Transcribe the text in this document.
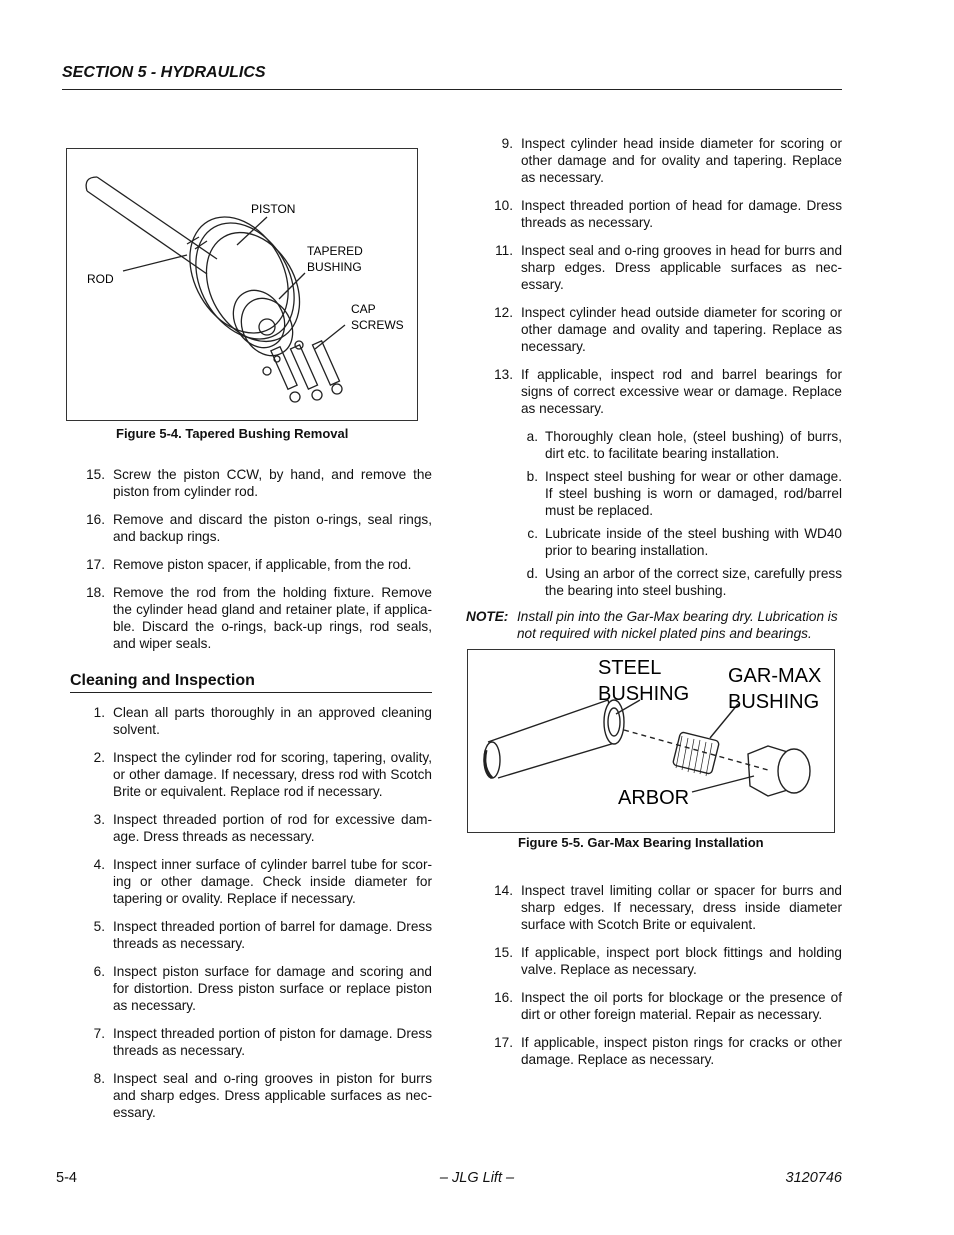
SECTION 5 - HYDRAULICS
PISTON
TAPERED
BUSHING
ROD
CAP
SCREWS
Figure 5-4. Tapered Bushing Removal
15. Screw the piston CCW, by hand, and remove the piston from cylinder rod.
16. Remove and discard the piston o-rings, seal rings, and backup rings.
17. Remove piston spacer, if applicable, from the rod.
18. Remove the rod from the holding fixture. Remove the cylinder head gland and retainer plate, if applica-ble. Discard the o-rings, back-up rings, rod seals, and wiper seals.
Cleaning and Inspection
1. Clean all parts thoroughly in an approved cleaning solvent.
2. Inspect the cylinder rod for scoring, tapering, ovality, or other damage. If necessary, dress rod with Scotch Brite or equivalent. Replace rod if necessary.
3. Inspect threaded portion of rod for excessive dam-age. Dress threads as necessary.
4. Inspect inner surface of cylinder barrel tube for scor-ing or other damage. Check inside diameter for tapering or ovality. Replace if necessary.
5. Inspect threaded portion of barrel for damage. Dress threads as necessary.
6. Inspect piston surface for damage and scoring and for distortion. Dress piston surface or replace piston as necessary.
7. Inspect threaded portion of piston for damage. Dress threads as necessary.
8. Inspect seal and o-ring grooves in piston for burrs and sharp edges. Dress applicable surfaces as nec-essary.
9. Inspect cylinder head inside diameter for scoring or other damage and for ovality and tapering. Replace as necessary.
10. Inspect threaded portion of head for damage. Dress threads as necessary.
11. Inspect seal and o-ring grooves in head for burrs and sharp edges. Dress applicable surfaces as nec-essary.
12. Inspect cylinder head outside diameter for scoring or other damage and ovality and tapering. Replace as necessary.
13. If applicable, inspect rod and barrel bearings for signs of correct excessive wear or damage. Replace as necessary.
a. Thoroughly clean hole, (steel bushing) of burrs, dirt etc. to facilitate bearing installation.
b. Inspect steel bushing for wear or other damage. If steel bushing is worn or damaged, rod/barrel must be replaced.
c. Lubricate inside of the steel bushing with WD40 prior to bearing installation.
d. Using an arbor of the correct size, carefully press the bearing into steel bushing.
NOTE: Install pin into the Gar-Max bearing dry. Lubrication is not required with nickel plated pins and bearings.
STEEL
BUSHING
GAR-MAX
BUSHING
ARBOR
Figure 5-5. Gar-Max Bearing Installation
14. Inspect travel limiting collar or spacer for burrs and sharp edges. If necessary, dress inside diameter surface with Scotch Brite or equivalent.
15. If applicable, inspect port block fittings and holding valve. Replace as necessary.
16. Inspect the oil ports for blockage or the presence of dirt or other foreign material. Repair as necessary.
17. If applicable, inspect piston rings for cracks or other damage. Replace as necessary.
5-4	– JLG Lift –	3120746
